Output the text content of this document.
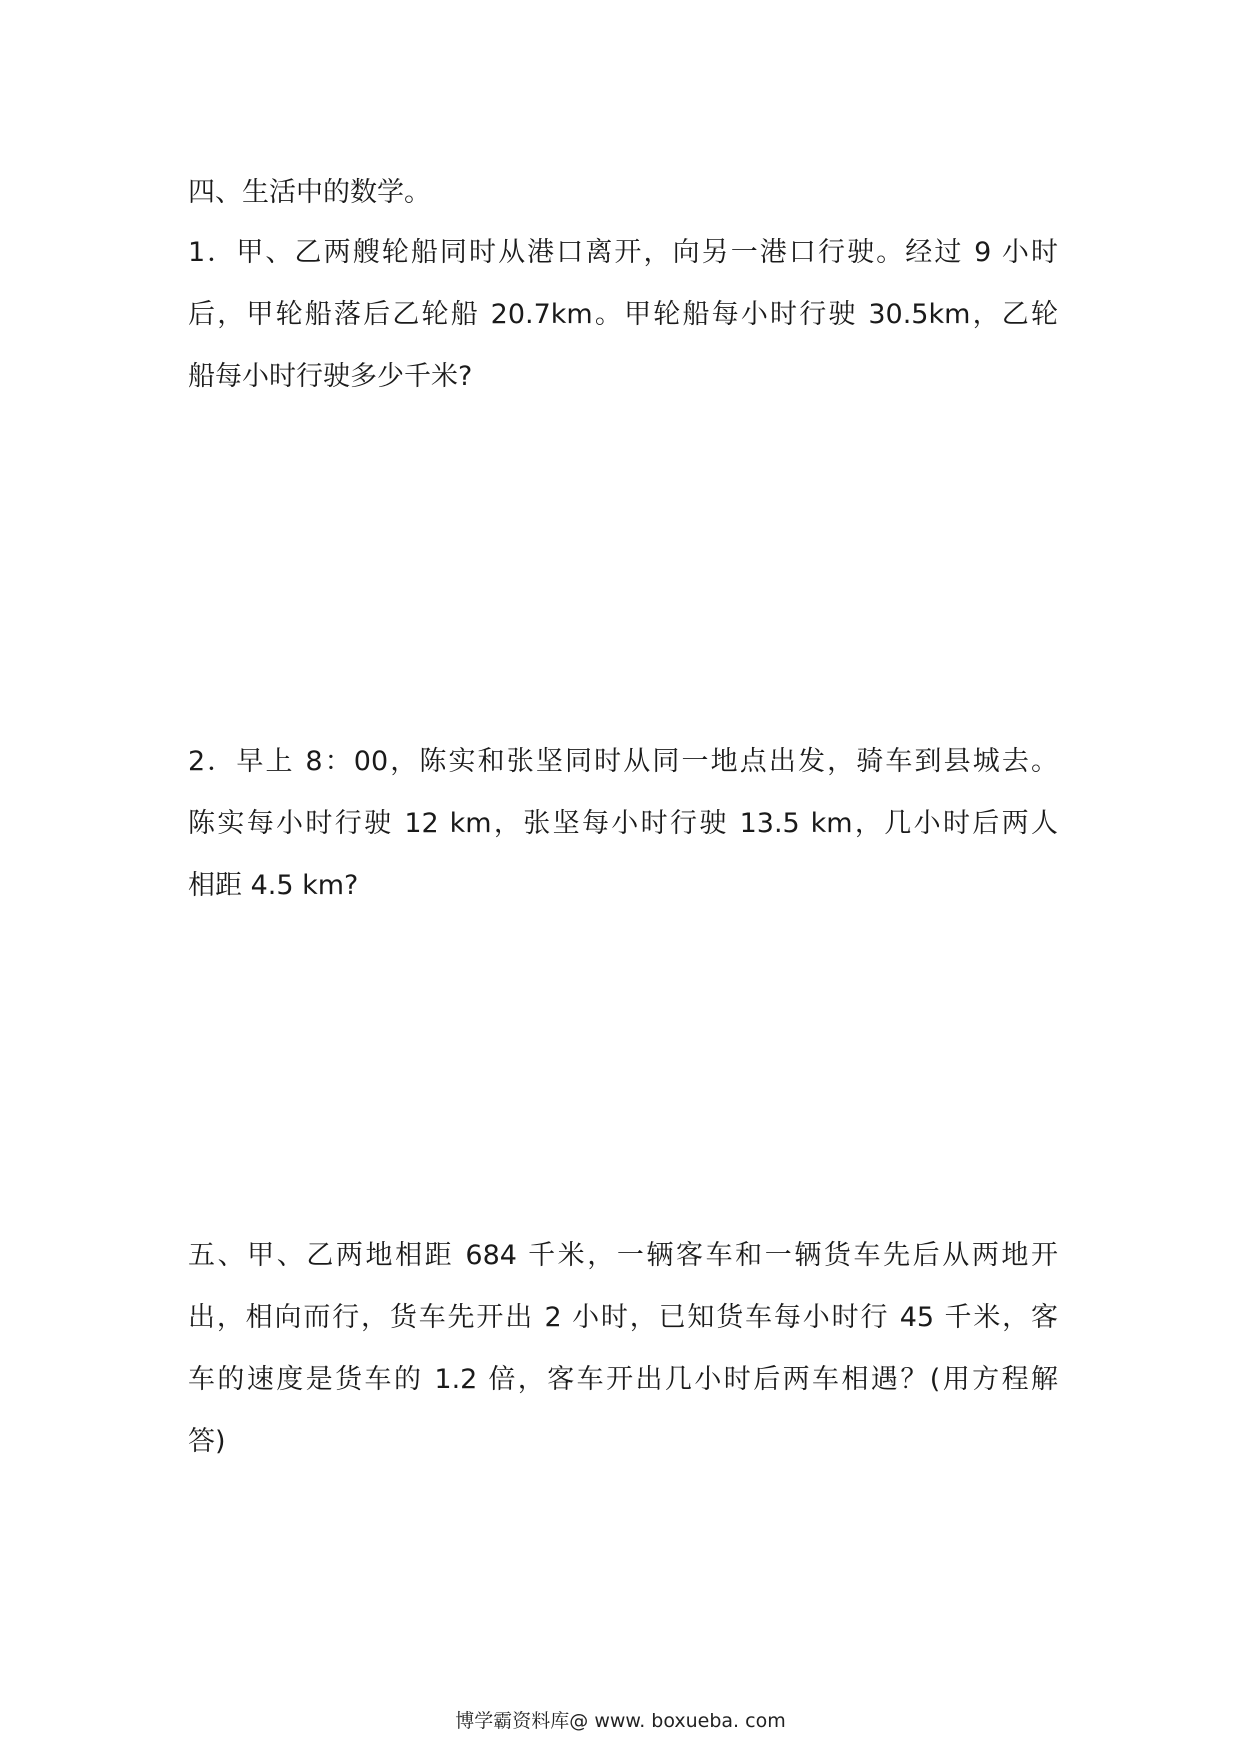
四、生活中的数学。
1．甲、乙两艘轮船同时从港口离开，向另一港口行驶。经过 9 小时
后，甲轮船落后乙轮船 20.7km。甲轮船每小时行驶 30.5km，乙轮
船每小时行驶多少千米?
2．早上 8：00，陈实和张坚同时从同一地点出发，骑车到县城去。
陈实每小时行驶 12 km，张坚每小时行驶 13.5 km，几小时后两人
相距 4.5 km?
五、甲、乙两地相距 684 千米，一辆客车和一辆货车先后从两地开
出，相向而行，货车先开出 2 小时，已知货车每小时行 45 千米，客
车的速度是货车的 1.2 倍，客车开出几小时后两车相遇？(用方程解
答)
博学霸资料库@ www. boxueba. com
